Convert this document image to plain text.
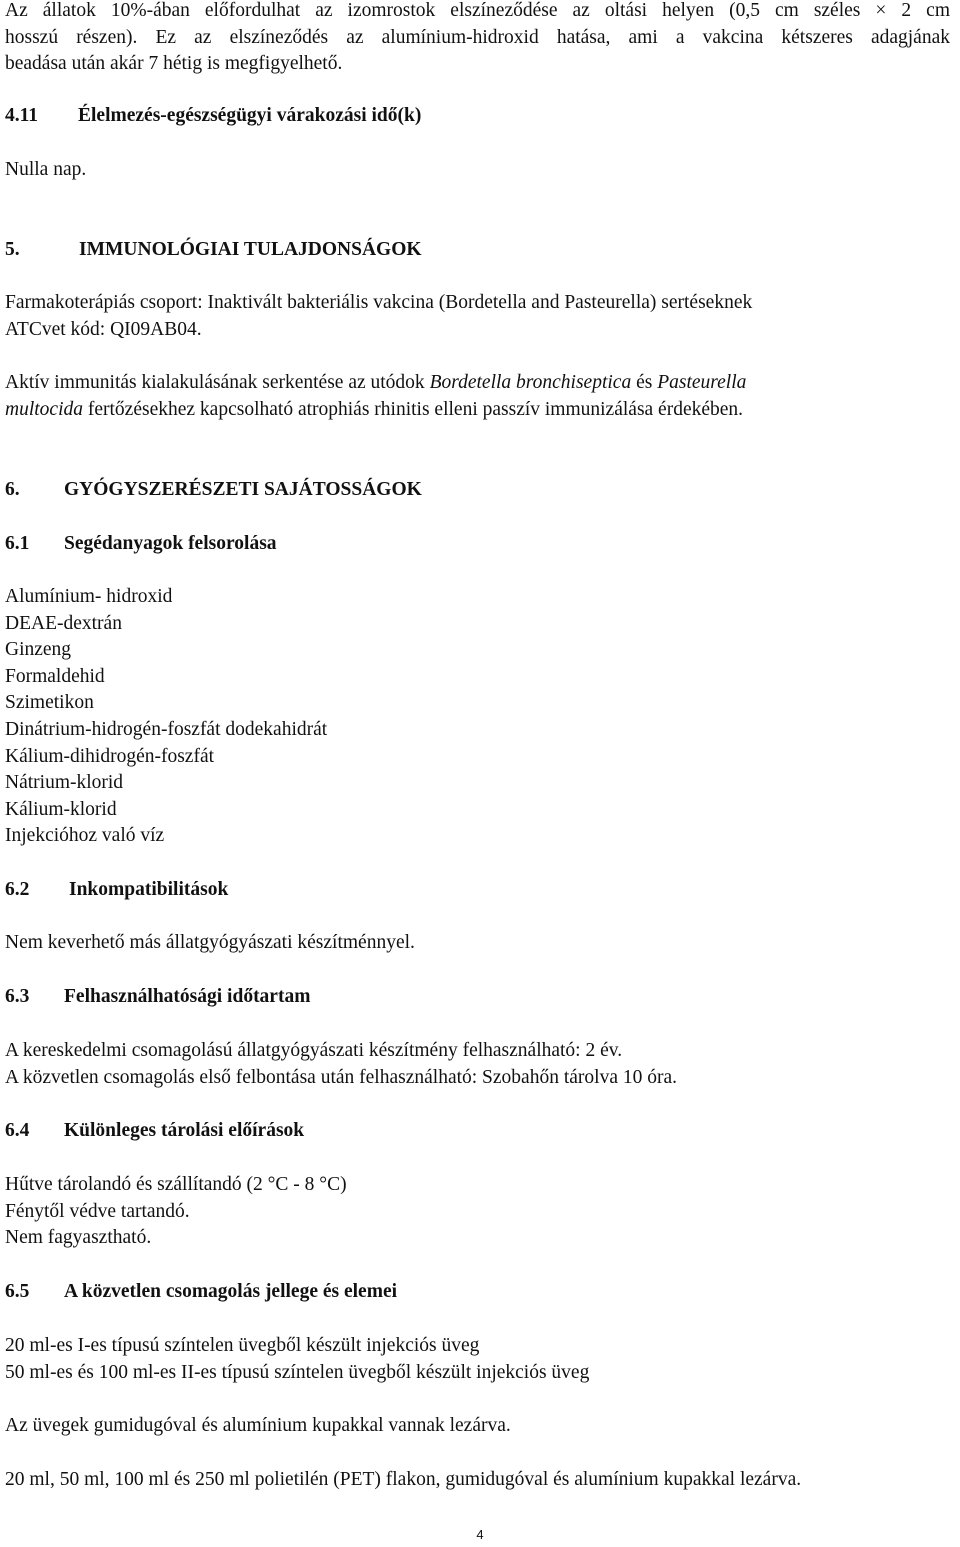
Az állatok 10%-ában előfordulhat az izomrostok elszíneződése az oltási helyen (0,5 cm széles × 2 cm
hosszú részen). Ez az elszíneződés az alumínium-hidroxid hatása, ami a vakcina kétszeres adagjának
beadása után akár 7 hétig is megfigyelhető.
4.11 Élelmezés-egészségügyi várakozási idő(k)

Nulla nap.

5.	IMMUNOLÓGIAI TULAJDONSÁGOK
Farmakoterápiás csoport: Inaktivált bakteriális vakcina (Bordetella and Pasteurella) sertéseknek
ATCvet kód: QI09AB04.
Aktív immunitás kialakulásának serkentése az utódok Bordetella bronchiseptica és Pasteurella
multocida fertőzésekhez kapcsolható atrophiás rhinitis elleni passzív immunizálása érdekében.
6. GYÓGYSZERÉSZETI SAJÁTOSSÁGOK
6.1 Segédanyagok felsorolása
Alumínium- hidroxid
DEAE-dextrán
Ginzeng
Formaldehid
Szimetikon
Dinátrium-hidrogén-foszfát dodekahidrát
Kálium-dihidrogén-foszfát
Nátrium-klorid
Kálium-klorid
Injekcióhoz való víz
6.2 Inkompatibilitások

Nem keverhető más állatgyógyászati készítménnyel.

6.3 Felhasználhatósági időtartam
A kereskedelmi csomagolású állatgyógyászati készítmény felhasználható: 2 év.
A közvetlen csomagolás első felbontása után felhasználható: Szobahőn tárolva 10 óra.
6.4 Különleges tárolási előírások
Hűtve tárolandó és szállítandó (2 °C - 8 °C)
Fénytől védve tartandó.
Nem fagyasztható.
6.5 A közvetlen csomagolás jellege és elemei
20 ml-es I-es típusú színtelen üvegből készült injekciós üveg
50 ml-es és 100 ml-es II-es típusú színtelen üvegből készült injekciós üveg

Az üvegek gumidugóval és alumínium kupakkal vannak lezárva.

20 ml, 50 ml, 100 ml és 250 ml polietilén (PET) flakon, gumidugóval és alumínium kupakkal lezárva.

4
